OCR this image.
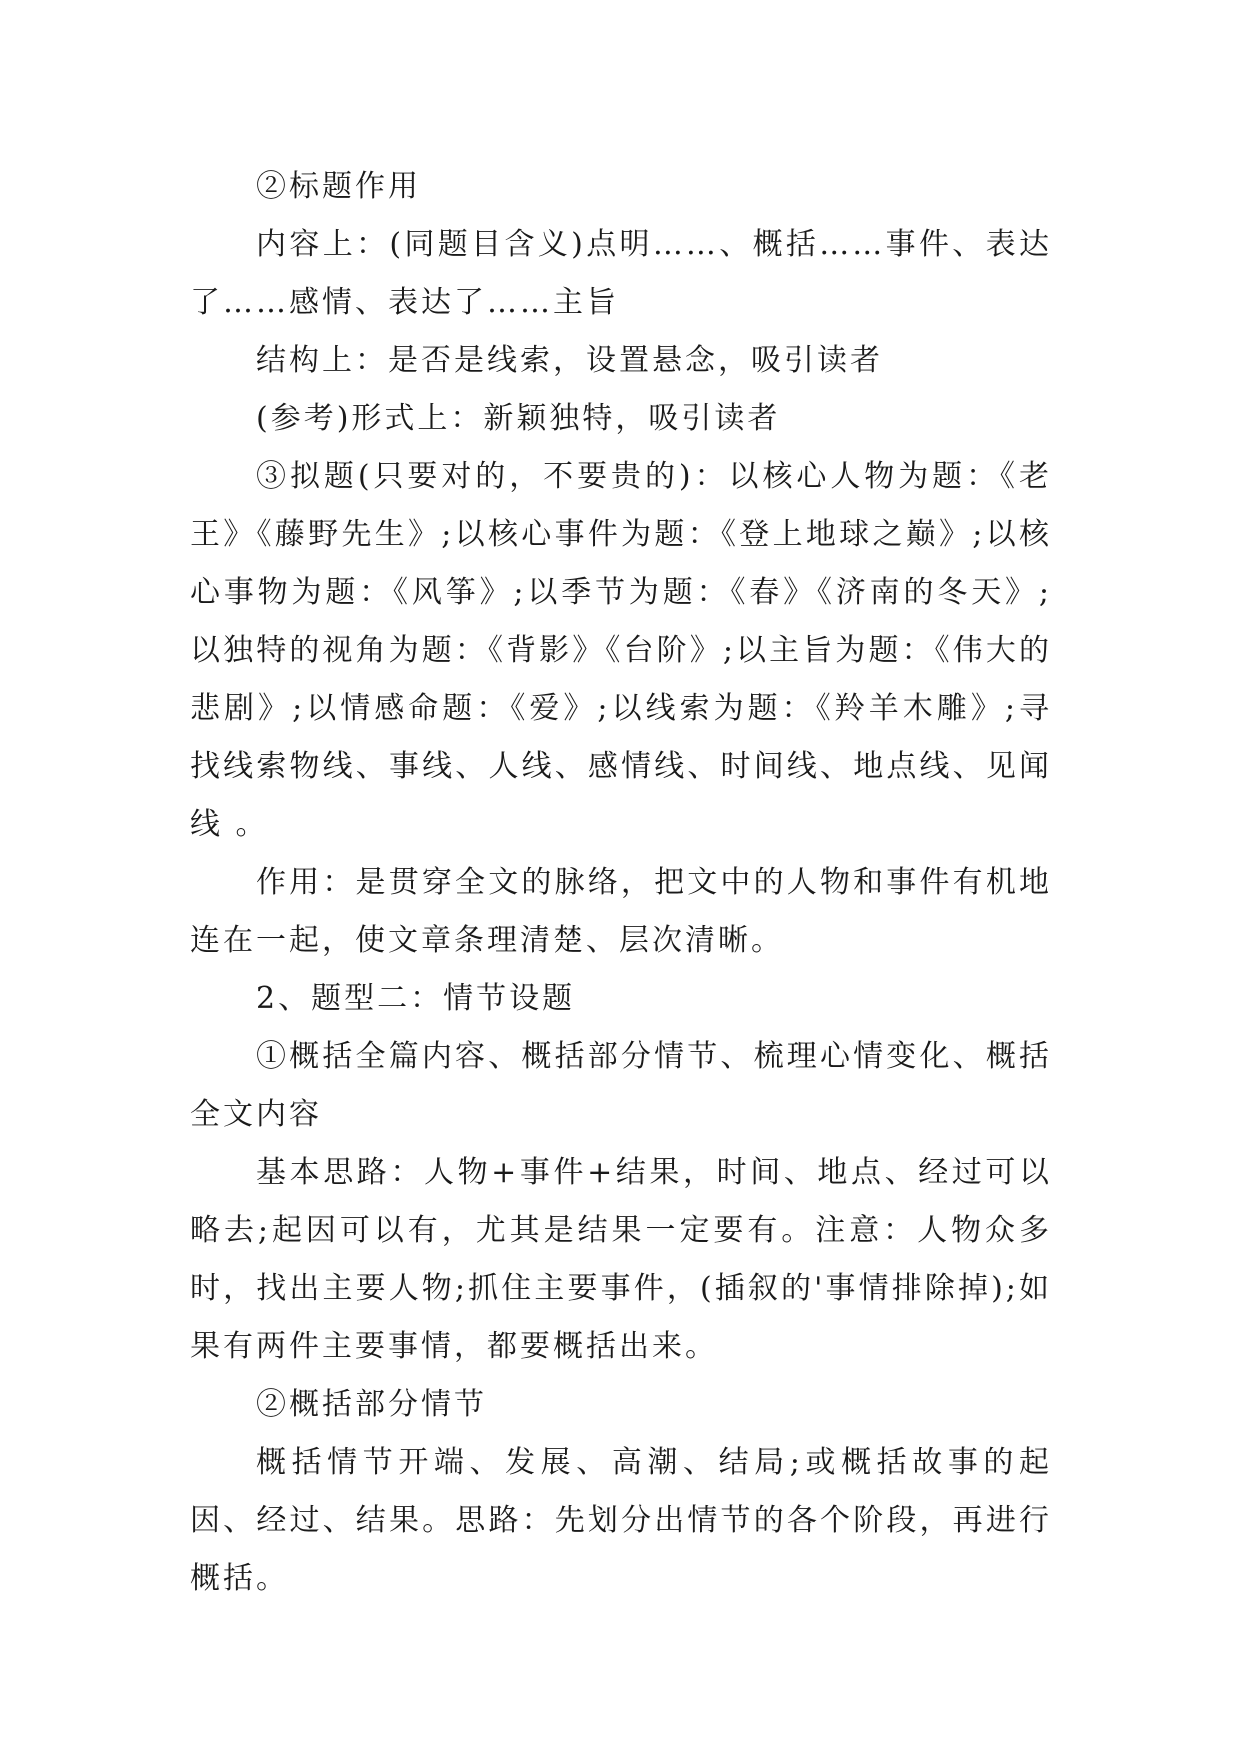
②标题作用

内容上：(同题目含义)点明……、概括……事件、表达了……感情、表达了……主旨

结构上：是否是线索，设置悬念，吸引读者

(参考)形式上：新颖独特，吸引读者

③拟题(只要对的，不要贵的)：以核心人物为题：《老王》《藤野先生》;以核心事件为题：《登上地球之巅》;以核心事物为题：《风筝》;以季节为题：《春》《济南的冬天》;以独特的视角为题：《背影》《台阶》;以主旨为题：《伟大的悲剧》;以情感命题：《爱》;以线索为题：《羚羊木雕》;寻找线索物线、事线、人线、感情线、时间线、地点线、见闻线 。

作用：是贯穿全文的脉络，把文中的人物和事件有机地连在一起，使文章条理清楚、层次清晰。

2、题型二：情节设题

①概括全篇内容、概括部分情节、梳理心情变化、概括全文内容

基本思路：人物+事件+结果，时间、地点、经过可以略去;起因可以有，尤其是结果一定要有。注意：人物众多时，找出主要人物;抓住主要事件，(插叙的'事情排除掉);如果有两件主要事情，都要概括出来。

②概括部分情节

概括情节开端、发展、高潮、结局;或概括故事的起因、经过、结果。思路：先划分出情节的各个阶段，再进行概括。
